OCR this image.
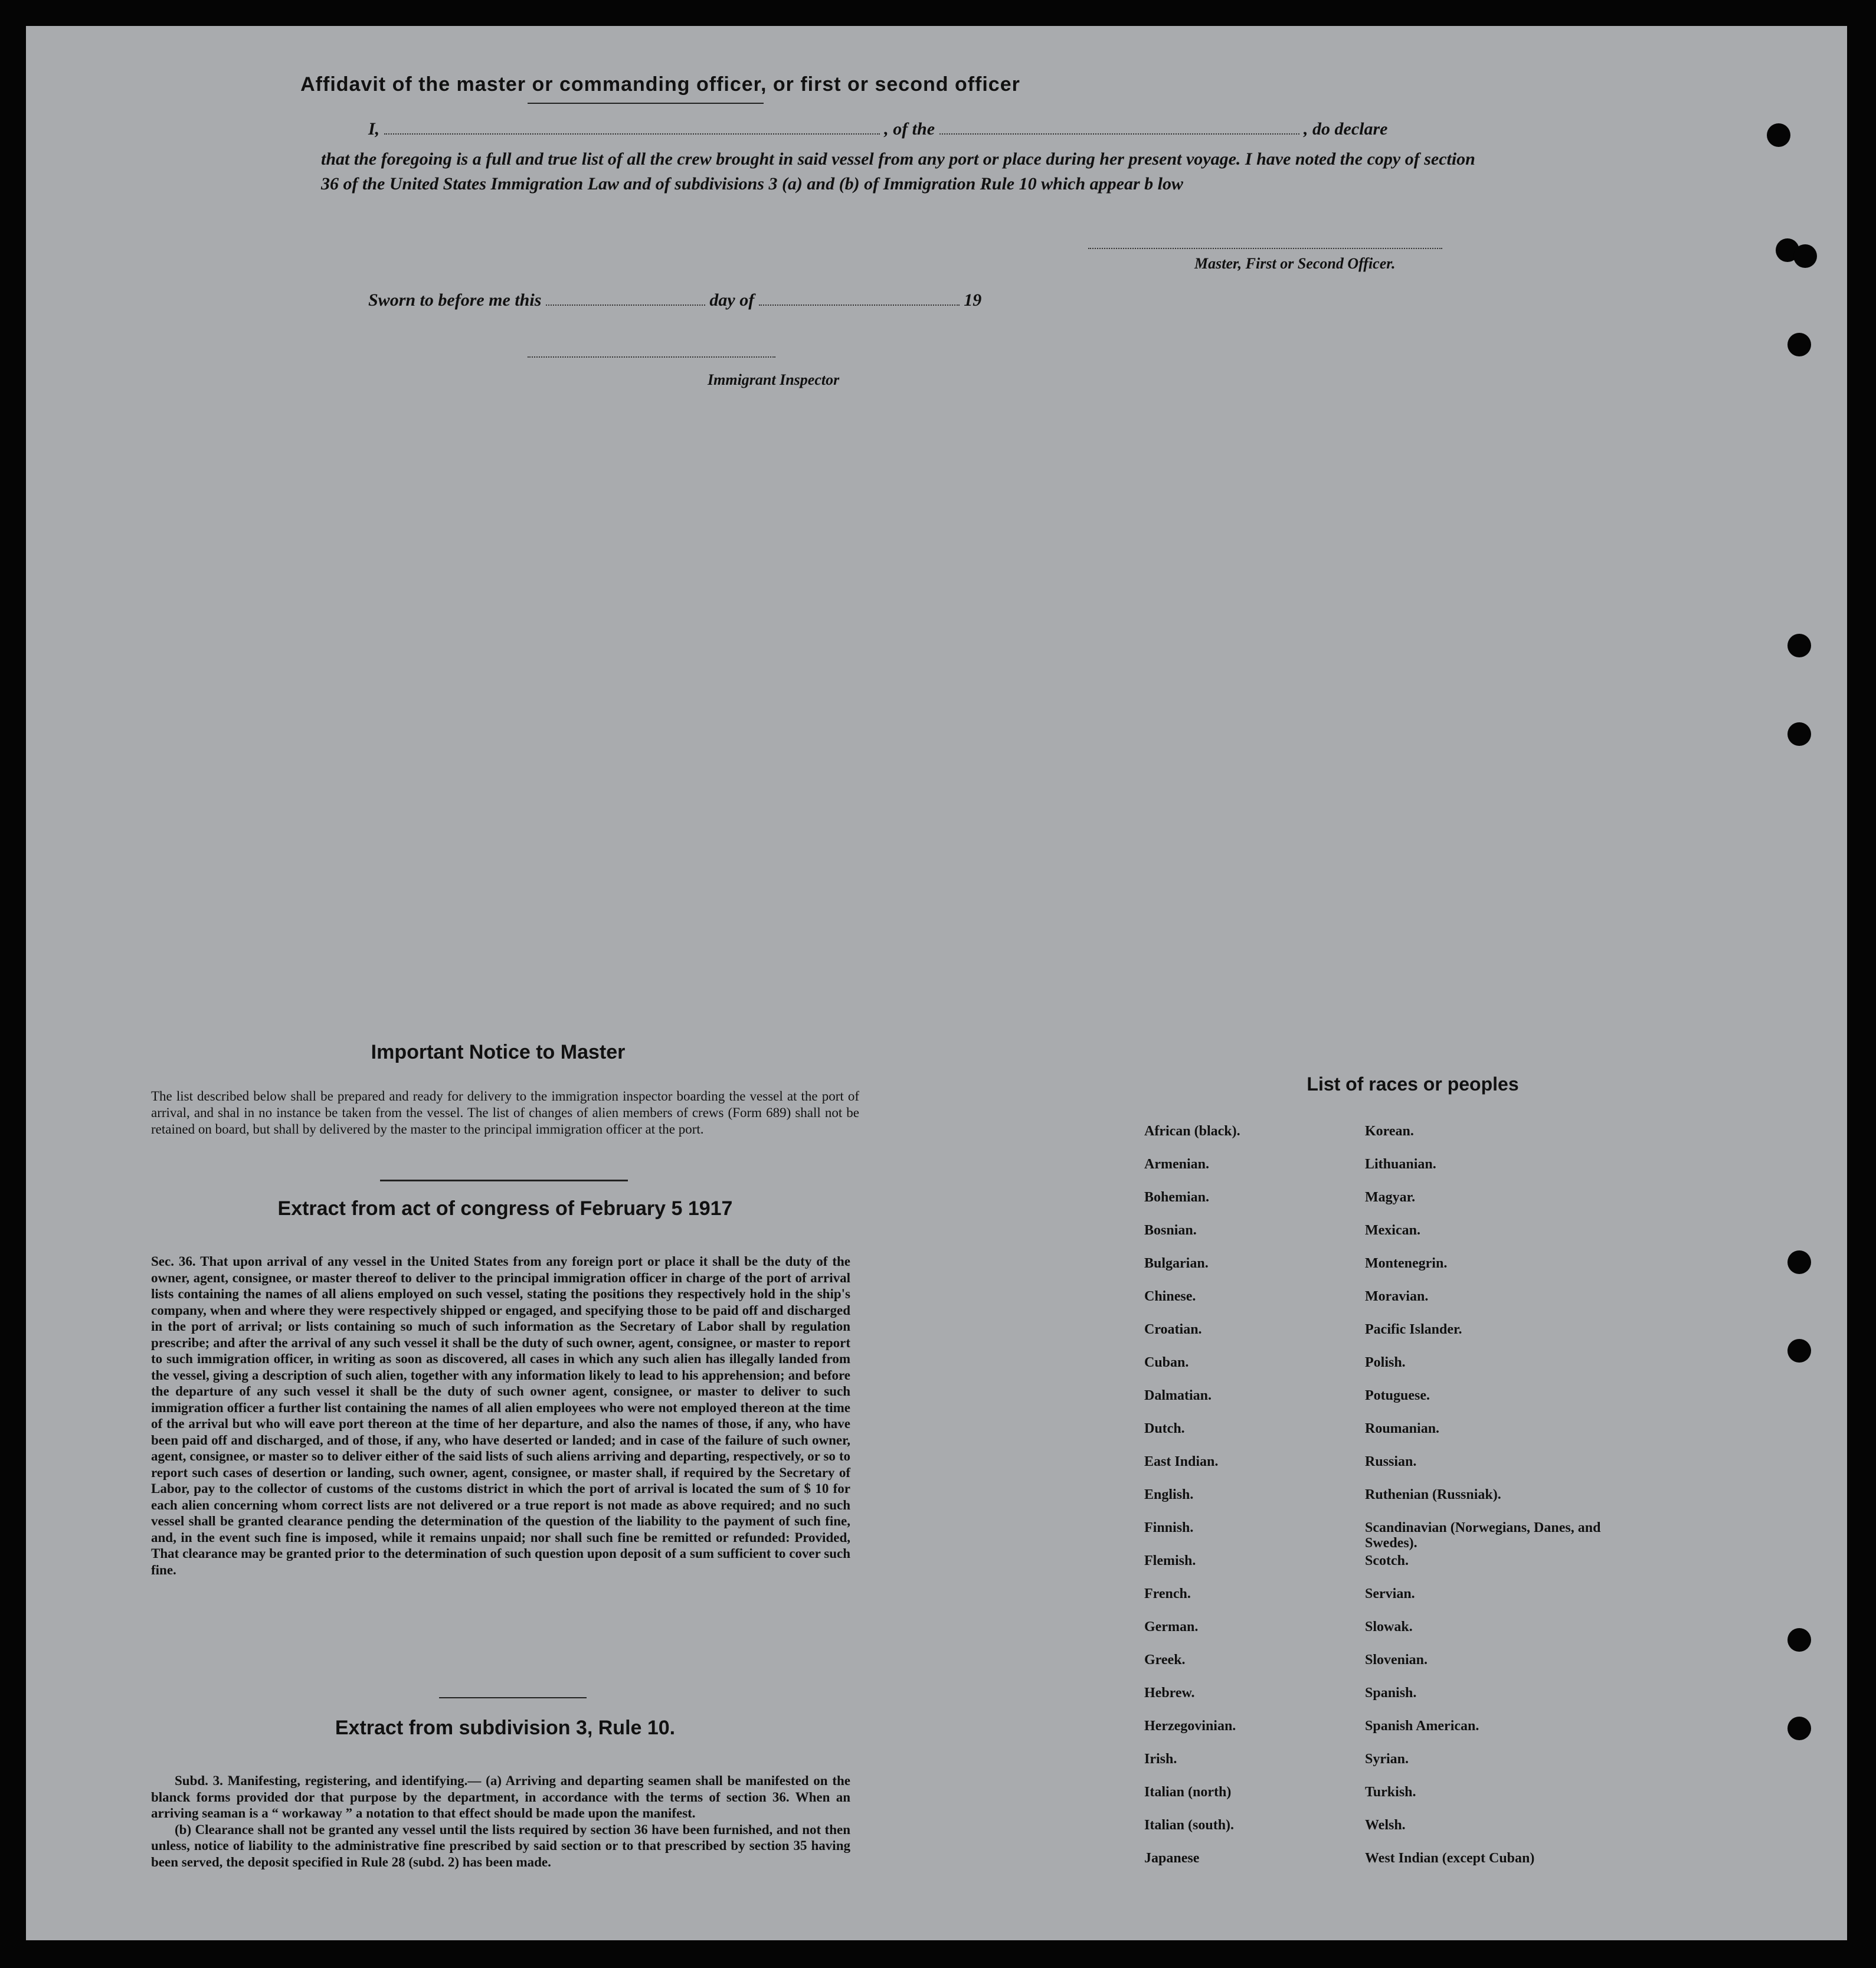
Affidavit of the master or commanding officer, or first or second officer
I,	, of the	, do declare
that the foregoing is a full and true list of all the crew brought in said vessel from any port or place during her present voyage. I have noted the copy of section 36 of the United States Immigration Law and of subdivisions 3 (a) and (b) of Immigration Rule 10 which appear b low
Master, First or Second Officer.
Sworn to before me this	day of	19
Immigrant Inspector
Important Notice to Master
The list described below shall be prepared and ready for delivery to the immigration inspector boarding the vessel at the port of arrival, and shal in no instance be taken from the vessel. The list of changes of alien members of crews (Form 689) shall not be retained on board, but shall by delivered by the master to the principal immigration officer at the port.
Extract from act of congress of February 5 1917
Sec. 36. That upon arrival of any vessel in the United States from any foreign port or place it shall be the duty of the owner, agent, consignee, or master thereof to deliver to the principal immigration officer in charge of the port of arrival lists containing the names of all aliens employed on such vessel, stating the positions they respectively hold in the ship's company, when and where they were respectively shipped or engaged, and specifying those to be paid off and discharged in the port of arrival; or lists containing so much of such information as the Secretary of Labor shall by regulation prescribe; and after the arrival of any such vessel it shall be the duty of such owner, agent, consignee, or master to report to such immigration officer, in writing as soon as discovered, all cases in which any such alien has illegally landed from the vessel, giving a description of such alien, together with any information likely to lead to his apprehension; and before the departure of any such vessel it shall be the duty of such owner agent, consignee, or master to deliver to such immigration officer a further list containing the names of all alien employees who were not employed thereon at the time of the arrival but who will eave port thereon at the time of her departure, and also the names of those, if any, who have been paid off and discharged, and of those, if any, who have deserted or landed; and in case of the failure of such owner, agent, consignee, or master so to deliver either of the said lists of such aliens arriving and departing, respectively, or so to report such cases of desertion or landing, such owner, agent, consignee, or master shall, if required by the Secretary of Labor, pay to the collector of customs of the customs district in which the port of arrival is located the sum of $ 10 for each alien concerning whom correct lists are not delivered or a true report is not made as above required; and no such vessel shall be granted clearance pending the determination of the question of the liability to the payment of such fine, and, in the event such fine is imposed, while it remains unpaid; nor shall such fine be remitted or refunded: Provided, That clearance may be granted prior to the determination of such question upon deposit of a sum sufficient to cover such fine.
Extract from subdivision 3, Rule 10.
Subd. 3. Manifesting, registering, and identifying.— (a) Arriving and departing seamen shall be manifested on the blanck forms provided dor that purpose by the department, in accordance with the terms of section 36. When an arriving seaman is a “ workaway ” a notation to that effect should be made upon the manifest.
(b) Clearance shall not be granted any vessel until the lists required by section 36 have been furnished, and not then unless, notice of liability to the administrative fine prescribed by said section or to that prescribed by section 35 having been served, the deposit specified in Rule 28 (subd. 2) has been made.
List of races or peoples
African (black).	Korean.
Armenian.	Lithuanian.
Bohemian.	Magyar.
Bosnian.	Mexican.
Bulgarian.	Montenegrin.
Chinese.	Moravian.
Croatian.	Pacific Islander.
Cuban.	Polish.
Dalmatian.	Potuguese.
Dutch.	Roumanian.
East Indian.	Russian.
English.	Ruthenian (Russniak).
Finnish.	Scandinavian (Norwegians, Danes, and Swedes).
Flemish.	Scotch.
French.	Servian.
German.	Slowak.
Greek.	Slovenian.
Hebrew.	Spanish.
Herzegovinian.	Spanish American.
Irish.	Syrian.
Italian (north)	Turkish.
Italian (south).	Welsh.
Japanese	West Indian (except Cuban)
